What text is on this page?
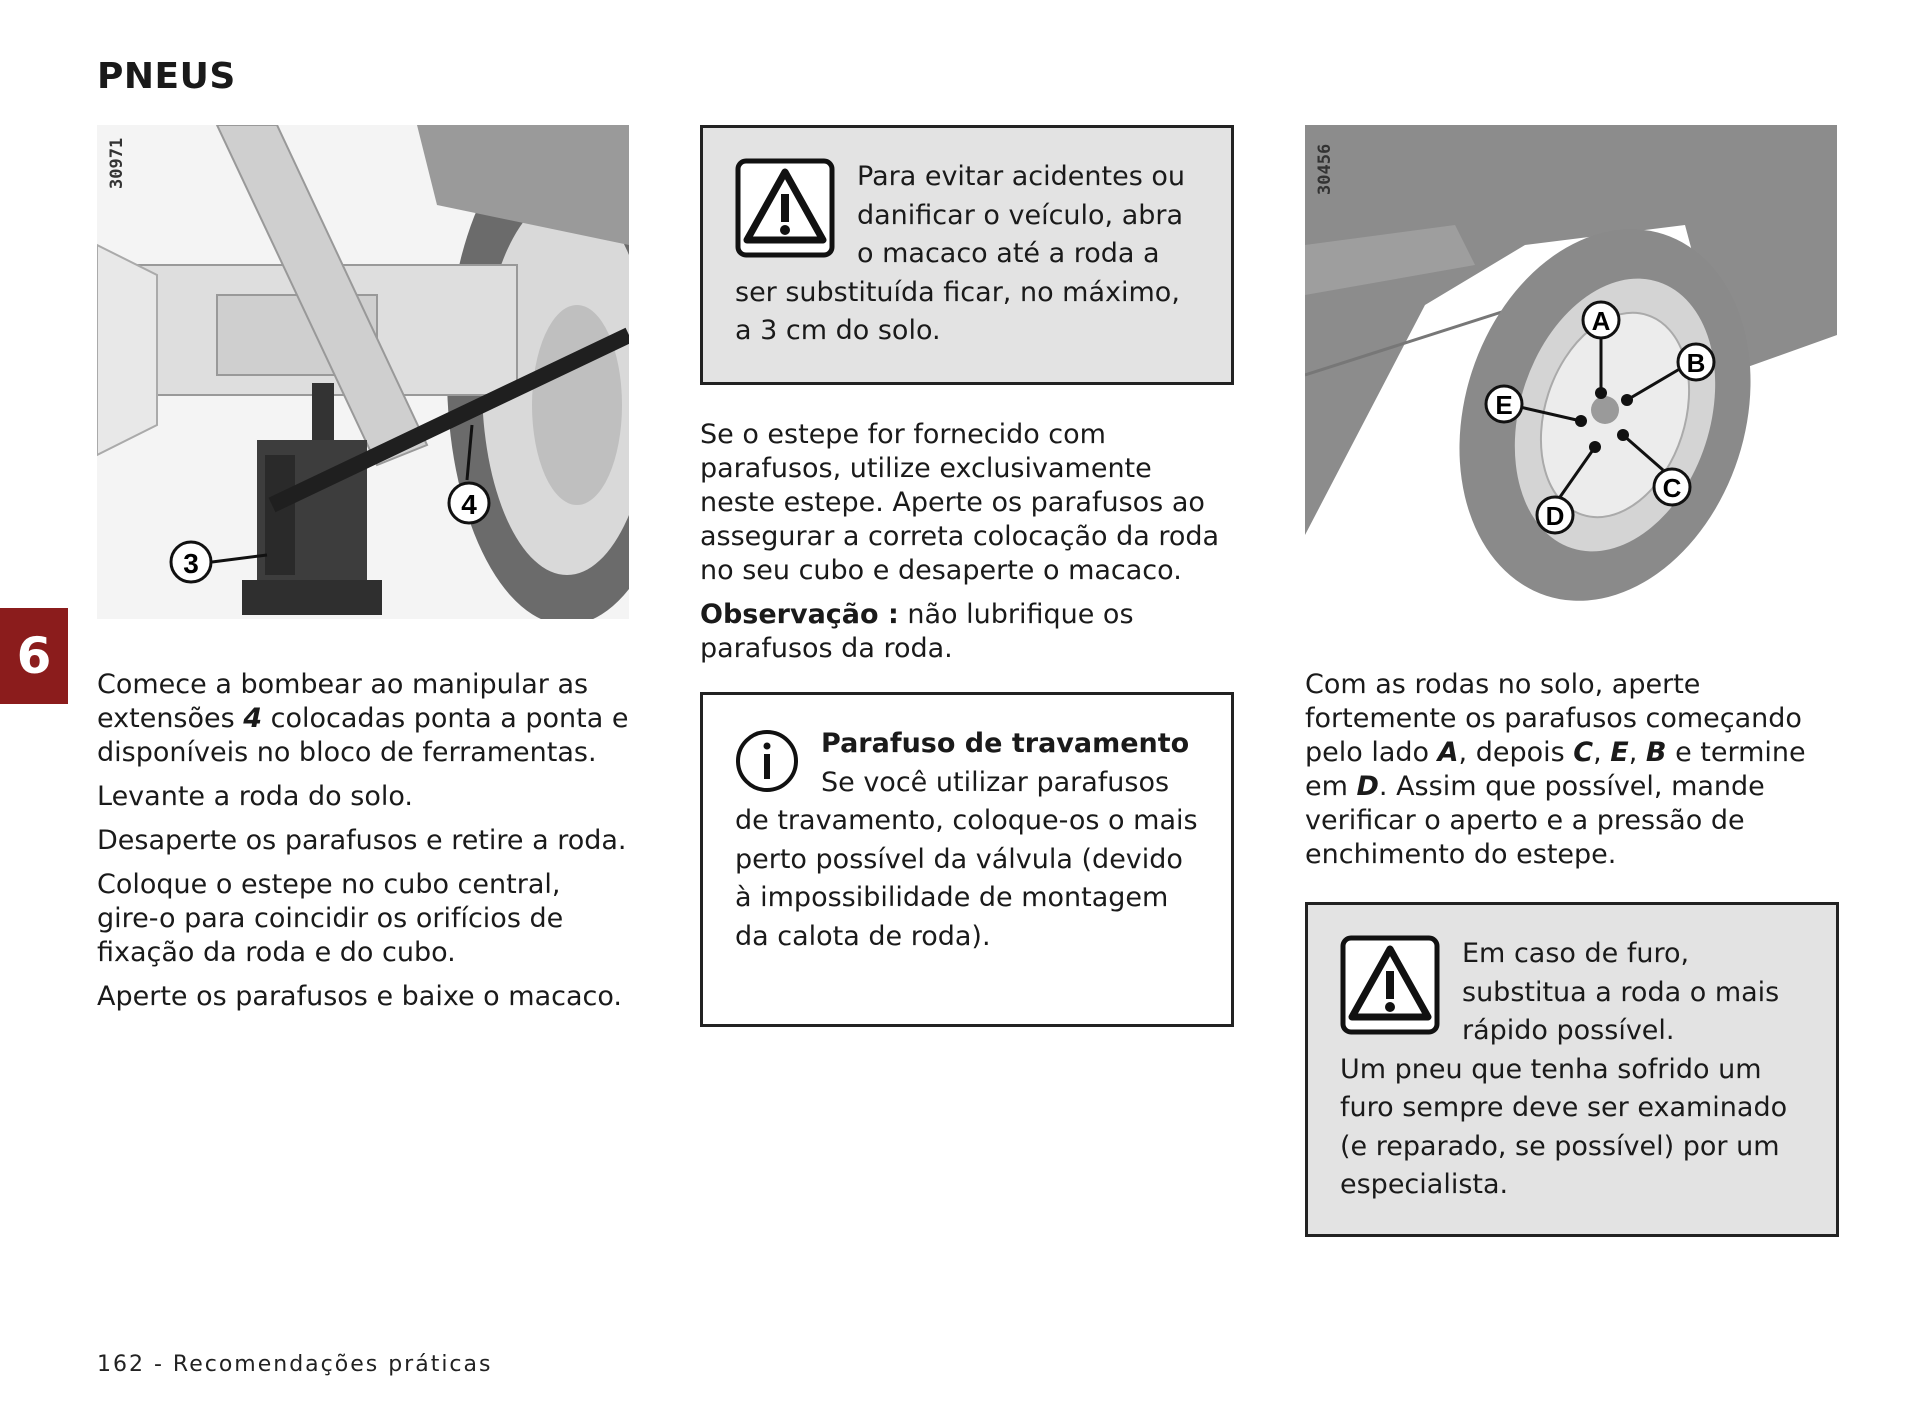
PNEUS
6
3
4
30971
A
B
C
D
E
30456

Comece a bombear ao manipular as extensões 4 colocadas ponta a ponta e disponíveis no bloco de ferramentas.

Levante a roda do solo.

Desaperte os parafusos e retire a roda.

Coloque o estepe no cubo central, gire-o para coincidir os orifícios de fixação da roda e do cubo.

Aperte os parafusos e baixe o macaco.

Para evitar acidentes ou danificar o veículo, abra o macaco até a roda a ser substituída ficar, no máximo, a 3 cm do solo.

Se o estepe for fornecido com parafusos, utilize exclusivamente neste estepe. Aperte os parafusos ao assegurar a correta colocação da roda no seu cubo e desaperte o macaco.

Observação : não lubrifique os parafusos da roda.

Parafuso de travamento
Se você utilizar parafusos de travamento, coloque-os o mais perto possível da válvula (devido à impossibilidade de montagem da calota de roda).

Com as rodas no solo, aperte fortemente os parafusos começando pelo lado A, depois C, E, B e termine em D. Assim que possível, mande verificar o aperto e a pressão de enchimento do estepe.

Em caso de furo, substitua a roda o mais rápido possível.

Um pneu que tenha sofrido um furo sempre deve ser examinado (e reparado, se possível) por um especialista.

162 - Recomendações práticas
